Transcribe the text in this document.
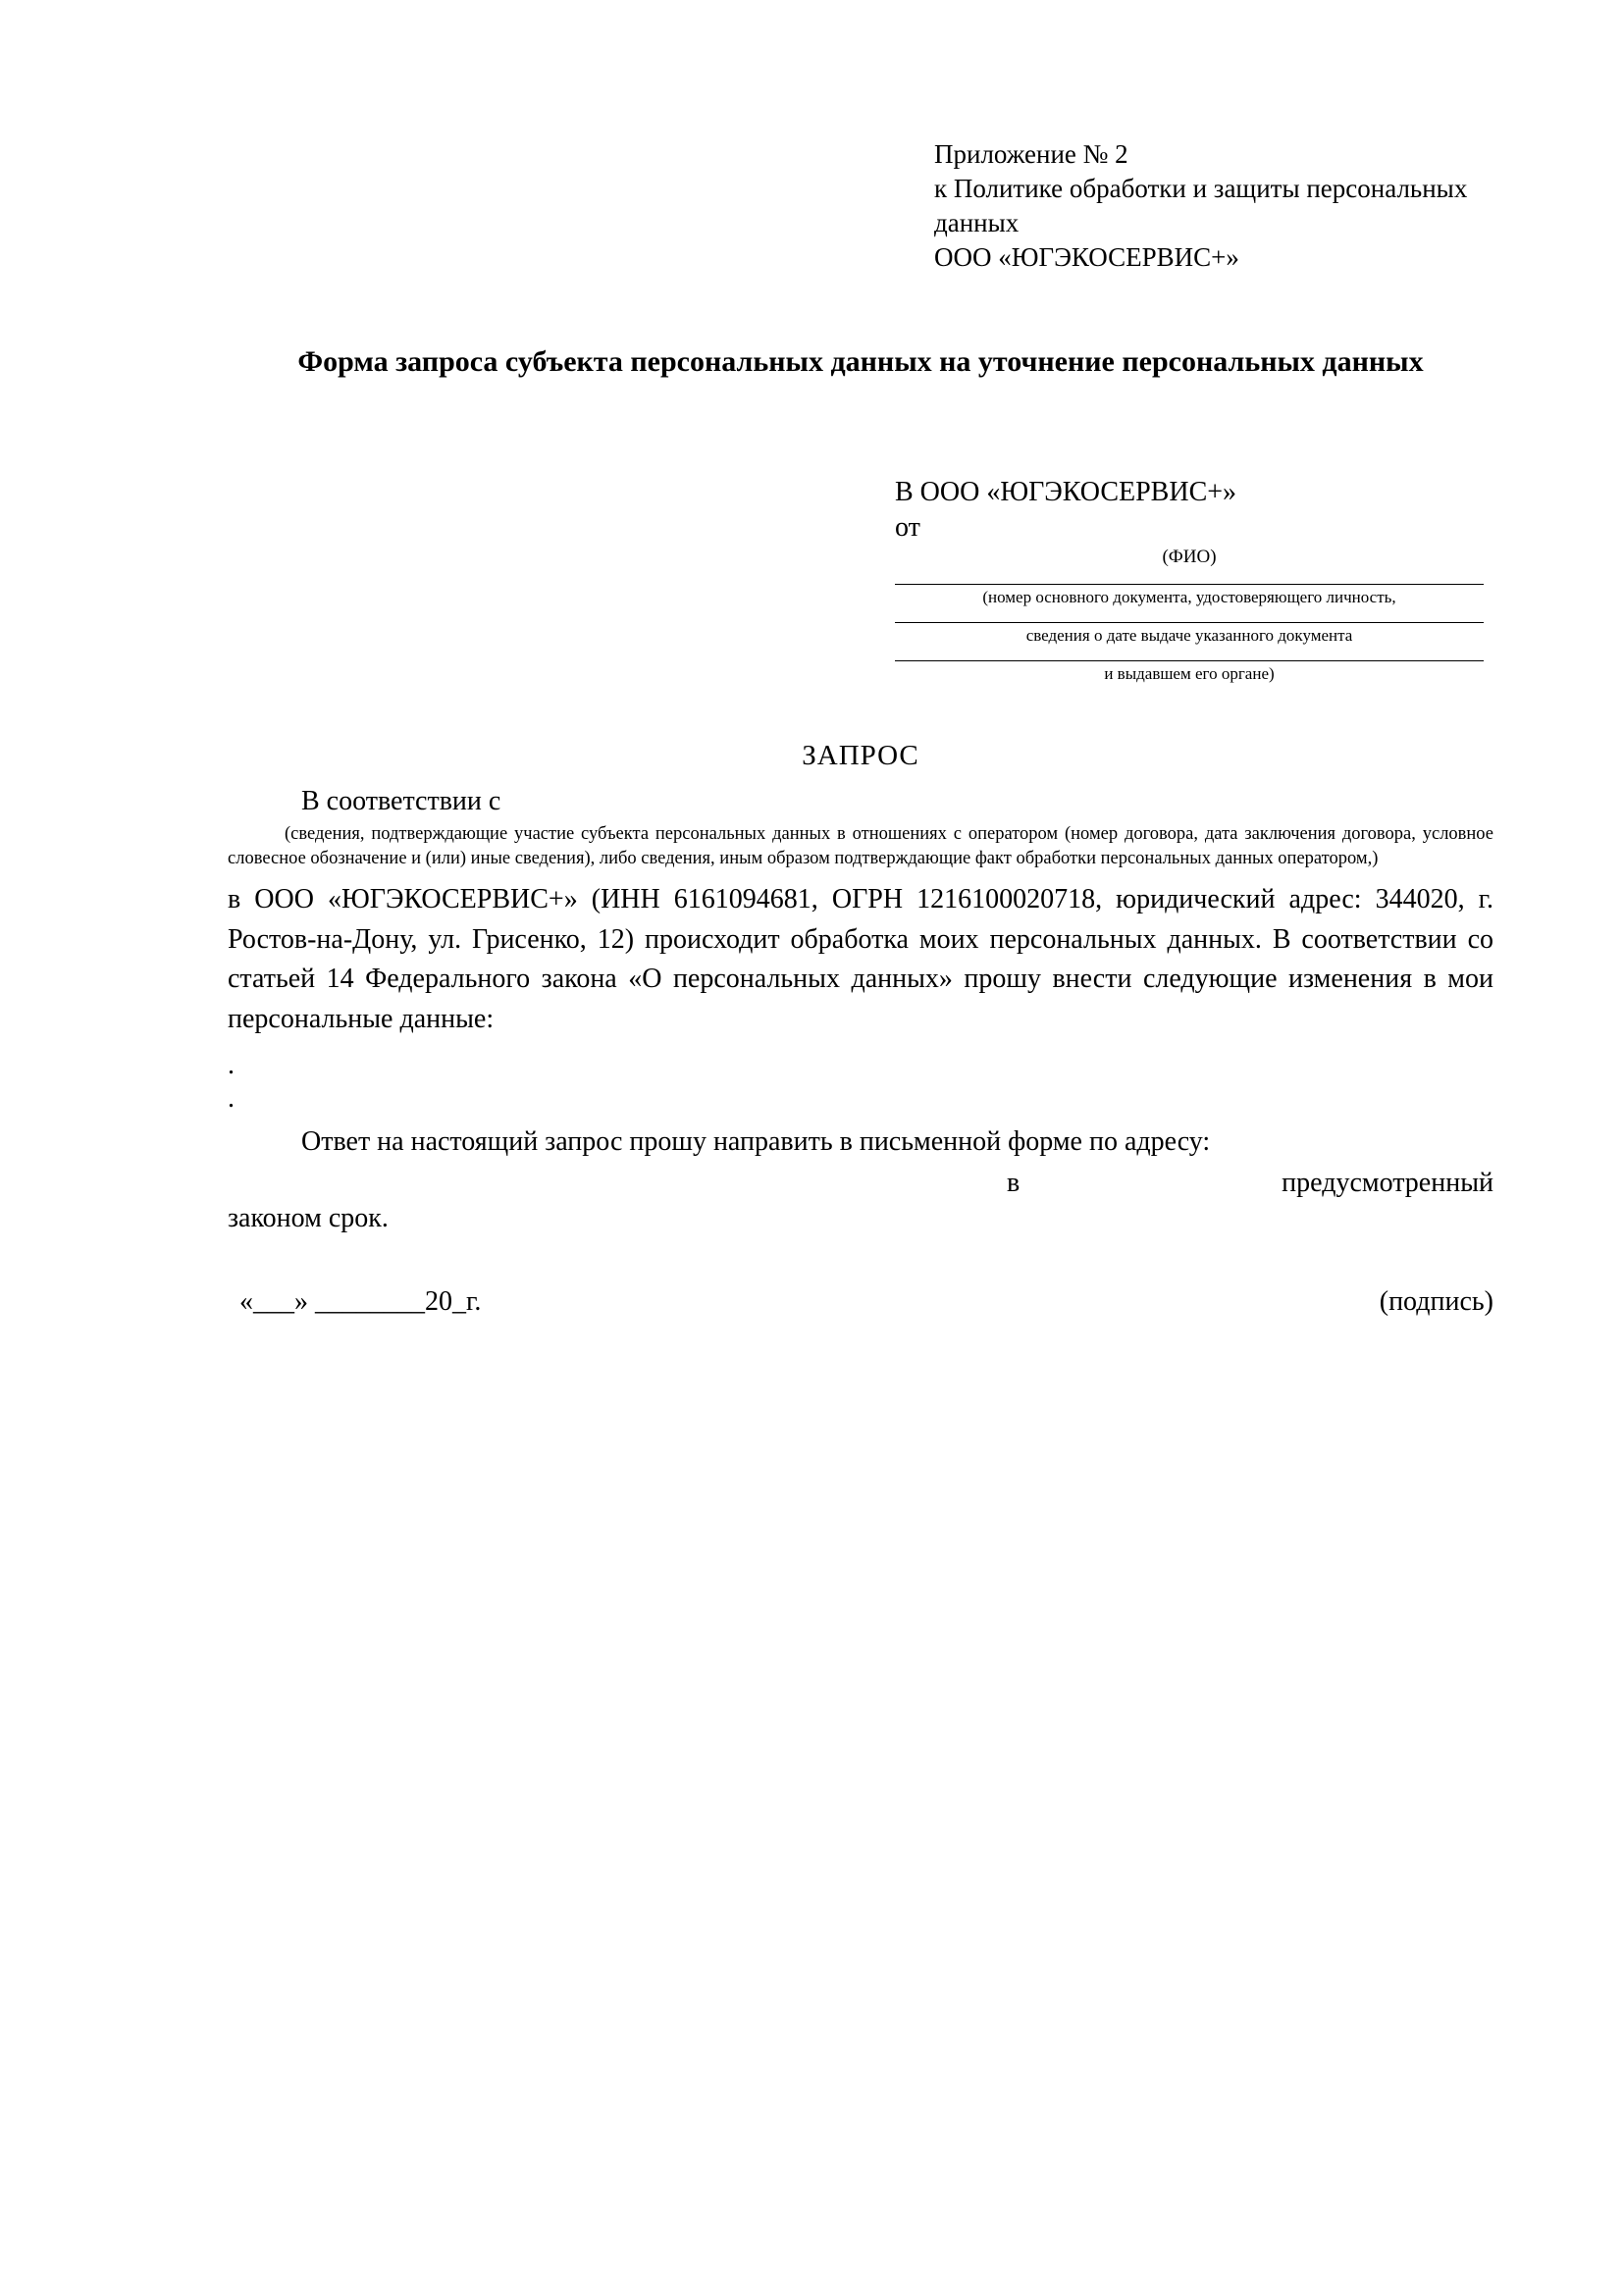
Приложение № 2
к Политике обработки и защиты персональных данных
ООО «ЮГЭКОСЕРВИС+»
Форма запроса субъекта персональных данных на уточнение персональных данных
В ООО «ЮГЭКОСЕРВИС+»
от
(ФИО)
(номер основного документа, удостоверяющего личность,
сведения о дате выдаче указанного документа
и выдавшем его органе)
ЗАПРОС
В соответствии с
(сведения, подтверждающие участие субъекта персональных данных в отношениях с оператором (номер договора, дата заключения договора, условное словесное обозначение и (или) иные сведения), либо сведения, иным образом подтверждающие факт обработки персональных данных оператором,)
в ООО «ЮГЭКОСЕРВИС+» (ИНН 6161094681, ОГРН 1216100020718, юридический адрес: 344020, г. Ростов-на-Дону, ул. Грисенко, 12) происходит обработка моих персональных данных. В соответствии со статьей 14 Федерального закона «О персональных данных» прошу внести следующие изменения в мои персональные данные:
.
.
Ответ на настоящий запрос прошу направить в письменной форме по адресу:
в	предусмотренный
законом срок.
«___» ________20_г.	(подпись)
